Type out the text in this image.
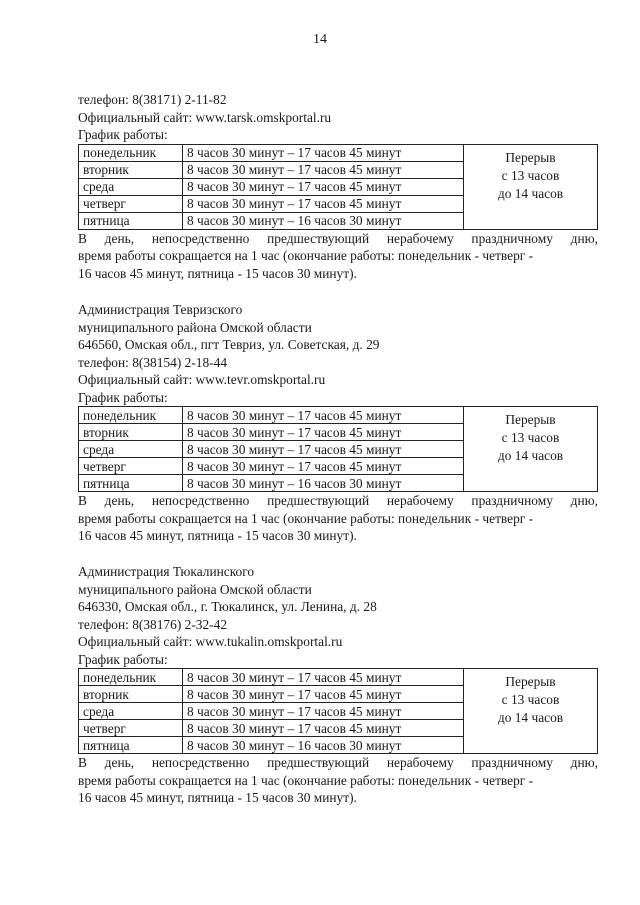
14
телефон: 8(38171) 2-11-82
Официальный сайт: www.tarsk.omskportal.ru
График работы:
понедельник	8 часов 30 минут – 17 часов 45 минут	Перерыв
с 13 часов
до 14 часов

вторник	8 часов 30 минут – 17 часов 45 минут	
среда	8 часов 30 минут – 17 часов 45 минут	
четверг	8 часов 30 минут – 17 часов 45 минут	
пятница	8 часов 30 минут – 16 часов 30 минут	
В день, непосредственно предшествующий нерабочему праздничному дню,
время работы сокращается на 1 час (окончание работы: понедельник - четверг -
16 часов 45 минут, пятница - 15 часов 30 минут).
Администрация Тевризского
муниципального района Омской области
646560, Омская обл., пгт Тевриз, ул. Советская, д. 29
телефон: 8(38154) 2-18-44
Официальный сайт: www.tevr.omskportal.ru
График работы:
понедельник	8 часов 30 минут – 17 часов 45 минут	Перерыв
с 13 часов
до 14 часов

вторник	8 часов 30 минут – 17 часов 45 минут	
среда	8 часов 30 минут – 17 часов 45 минут	
четверг	8 часов 30 минут – 17 часов 45 минут	
пятница	8 часов 30 минут – 16 часов 30 минут	
В день, непосредственно предшествующий нерабочему праздничному дню,
время работы сокращается на 1 час (окончание работы: понедельник - четверг -
16 часов 45 минут, пятница - 15 часов 30 минут).
Администрация Тюкалинского
муниципального района Омской области
646330, Омская обл., г. Тюкалинск, ул. Ленина, д. 28
телефон: 8(38176) 2-32-42
Официальный сайт: www.tukalin.omskportal.ru
График работы:
понедельник	8 часов 30 минут – 17 часов 45 минут	Перерыв
с 13 часов
до 14 часов

вторник	8 часов 30 минут – 17 часов 45 минут	
среда	8 часов 30 минут – 17 часов 45 минут	
четверг	8 часов 30 минут – 17 часов 45 минут	
пятница	8 часов 30 минут – 16 часов 30 минут	
В день, непосредственно предшествующий нерабочему праздничному дню,
время работы сокращается на 1 час (окончание работы: понедельник - четверг -
16 часов 45 минут, пятница - 15 часов 30 минут).
